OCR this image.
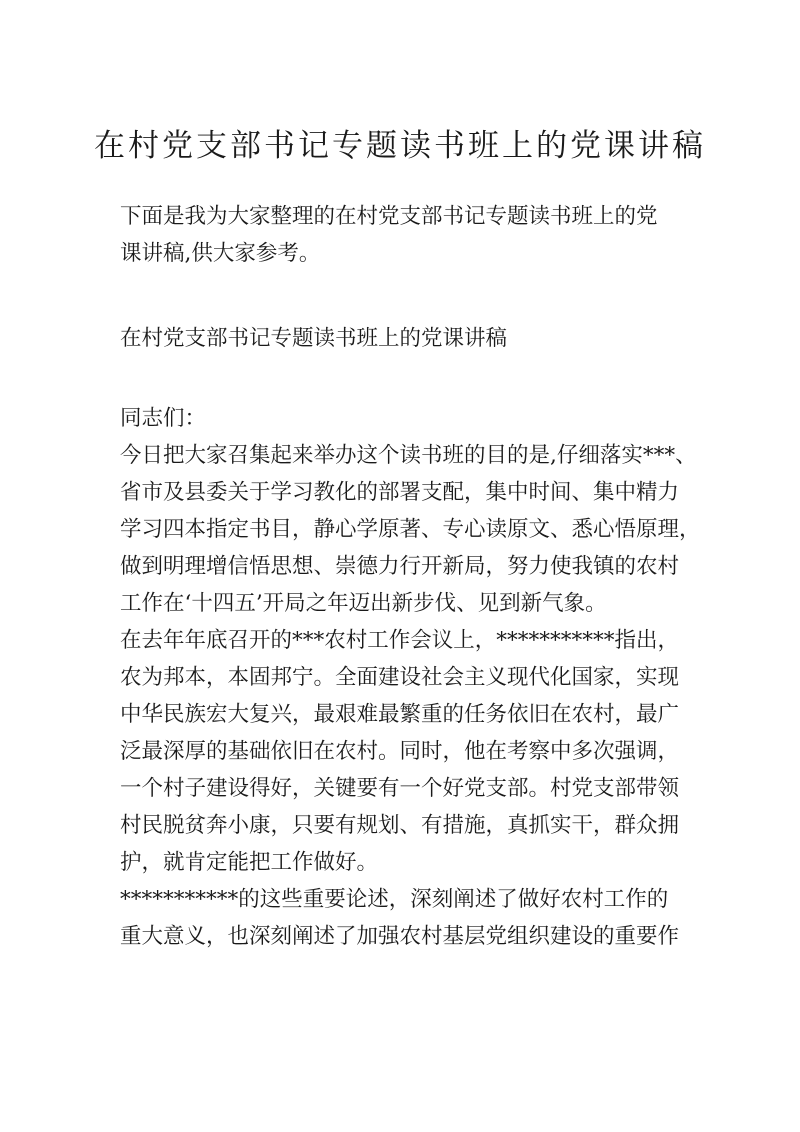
在村党支部书记专题读书班上的党课讲稿
下面是我为大家整理的在村党支部书记专题读书班上的党
课讲稿,供大家参考。
在村党支部书记专题读书班上的党课讲稿
同志们：
今日把大家召集起来举办这个读书班的目的是,仔细落实***、
省市及县委关于学习教化的部署支配，集中时间、集中精力
学习四本指定书目，静心学原著、专心读原文、悉心悟原理，
做到明理增信悟思想、崇德力行开新局，努力使我镇的农村
工作在‘十四五’开局之年迈出新步伐、见到新气象。
在去年年底召开的***农村工作会议上，***********指出，
农为邦本，本固邦宁。全面建设社会主义现代化国家，实现
中华民族宏大复兴，最艰难最繁重的任务依旧在农村，最广
泛最深厚的基础依旧在农村。同时，他在考察中多次强调，
一个村子建设得好，关键要有一个好党支部。村党支部带领
村民脱贫奔小康，只要有规划、有措施，真抓实干，群众拥
护，就肯定能把工作做好。
***********的这些重要论述，深刻阐述了做好农村工作的
重大意义，也深刻阐述了加强农村基层党组织建设的重要作
